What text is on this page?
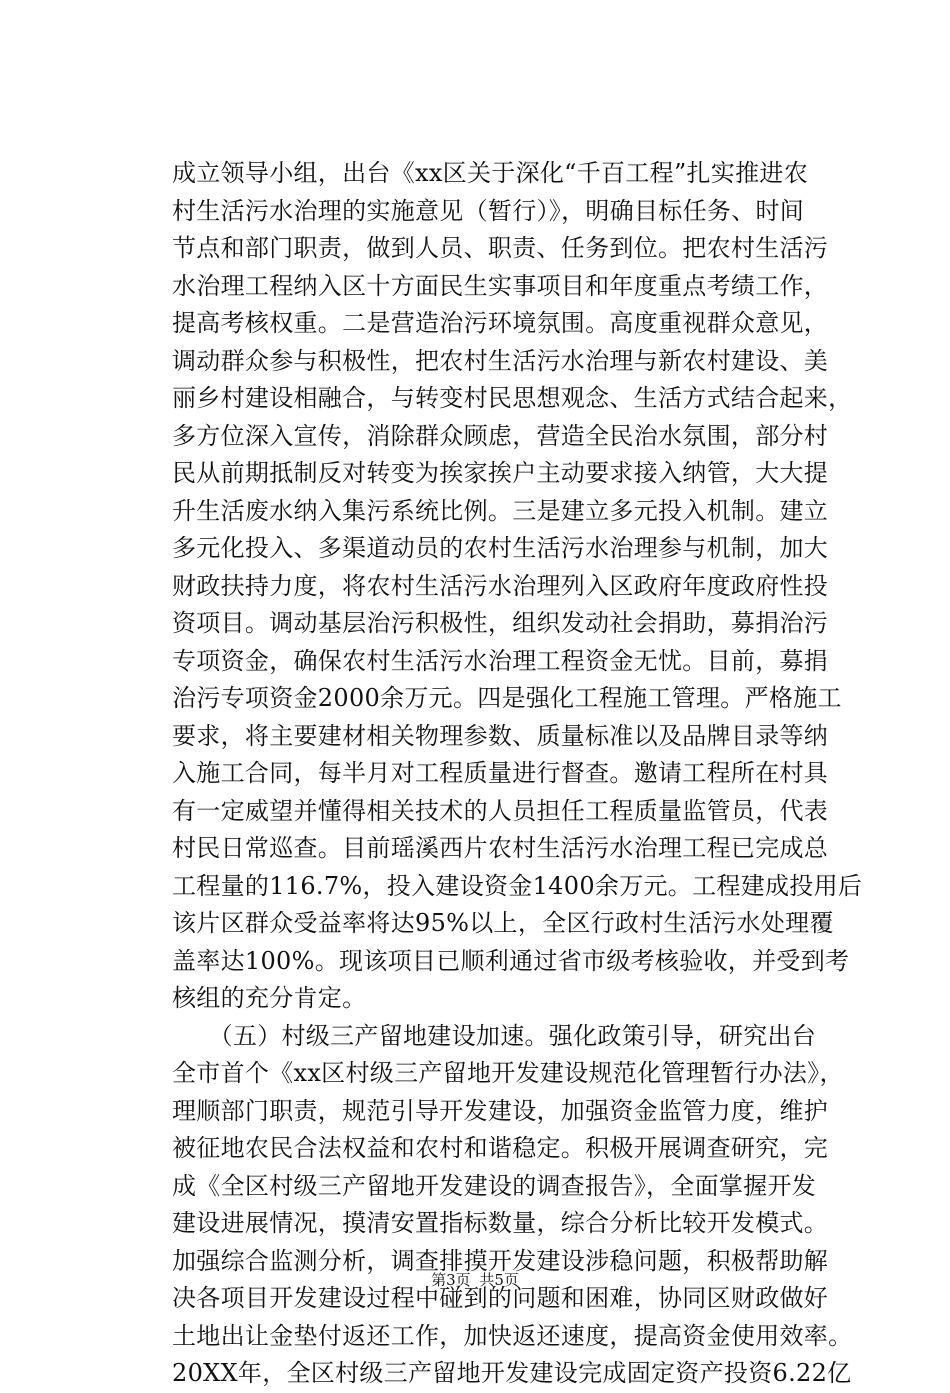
成立领导小组，出台《xx区关于深化“千百工程”扎实推进农
村生活污水治理的实施意见（暂行）》，明确目标任务、时间
节点和部门职责，做到人员、职责、任务到位。把农村生活污
水治理工程纳入区十方面民生实事项目和年度重点考绩工作，
提高考核权重。二是营造治污环境氛围。高度重视群众意见，
调动群众参与积极性，把农村生活污水治理与新农村建设、美
丽乡村建设相融合，与转变村民思想观念、生活方式结合起来，
多方位深入宣传，消除群众顾虑，营造全民治水氛围，部分村
民从前期抵制反对转变为挨家挨户主动要求接入纳管，大大提
升生活废水纳入集污系统比例。三是建立多元投入机制。建立
多元化投入、多渠道动员的农村生活污水治理参与机制，加大
财政扶持力度，将农村生活污水治理列入区政府年度政府性投
资项目。调动基层治污积极性，组织发动社会捐助，募捐治污
专项资金，确保农村生活污水治理工程资金无忧。目前，募捐
治污专项资金2000余万元。四是强化工程施工管理。严格施工
要求，将主要建材相关物理参数、质量标准以及品牌目录等纳
入施工合同，每半月对工程质量进行督查。邀请工程所在村具
有一定威望并懂得相关技术的人员担任工程质量监管员，代表
村民日常巡查。目前瑶溪西片农村生活污水治理工程已完成总
工程量的116.7%，投入建设资金1400余万元。工程建成投用后
该片区群众受益率将达95%以上，全区行政村生活污水处理覆
盖率达100%。现该项目已顺利通过省市级考核验收，并受到考
核组的充分肯定。
　　（五）村级三产留地建设加速。强化政策引导，研究出台
全市首个《xx区村级三产留地开发建设规范化管理暂行办法》，
理顺部门职责，规范引导开发建设，加强资金监管力度，维护
被征地农民合法权益和农村和谐稳定。积极开展调查研究，完
成《全区村级三产留地开发建设的调查报告》，全面掌握开发
建设进展情况，摸清安置指标数量，综合分析比较开发模式。
加强综合监测分析，调查排摸开发建设涉稳问题，积极帮助解
决各项目开发建设过程中碰到的问题和困难，协同区财政做好
土地出让金垫付返还工作，加快返还速度，提高资金使用效率。
20XX年，全区村级三产留地开发建设完成固定资产投资6.22亿
第3页 共5页
